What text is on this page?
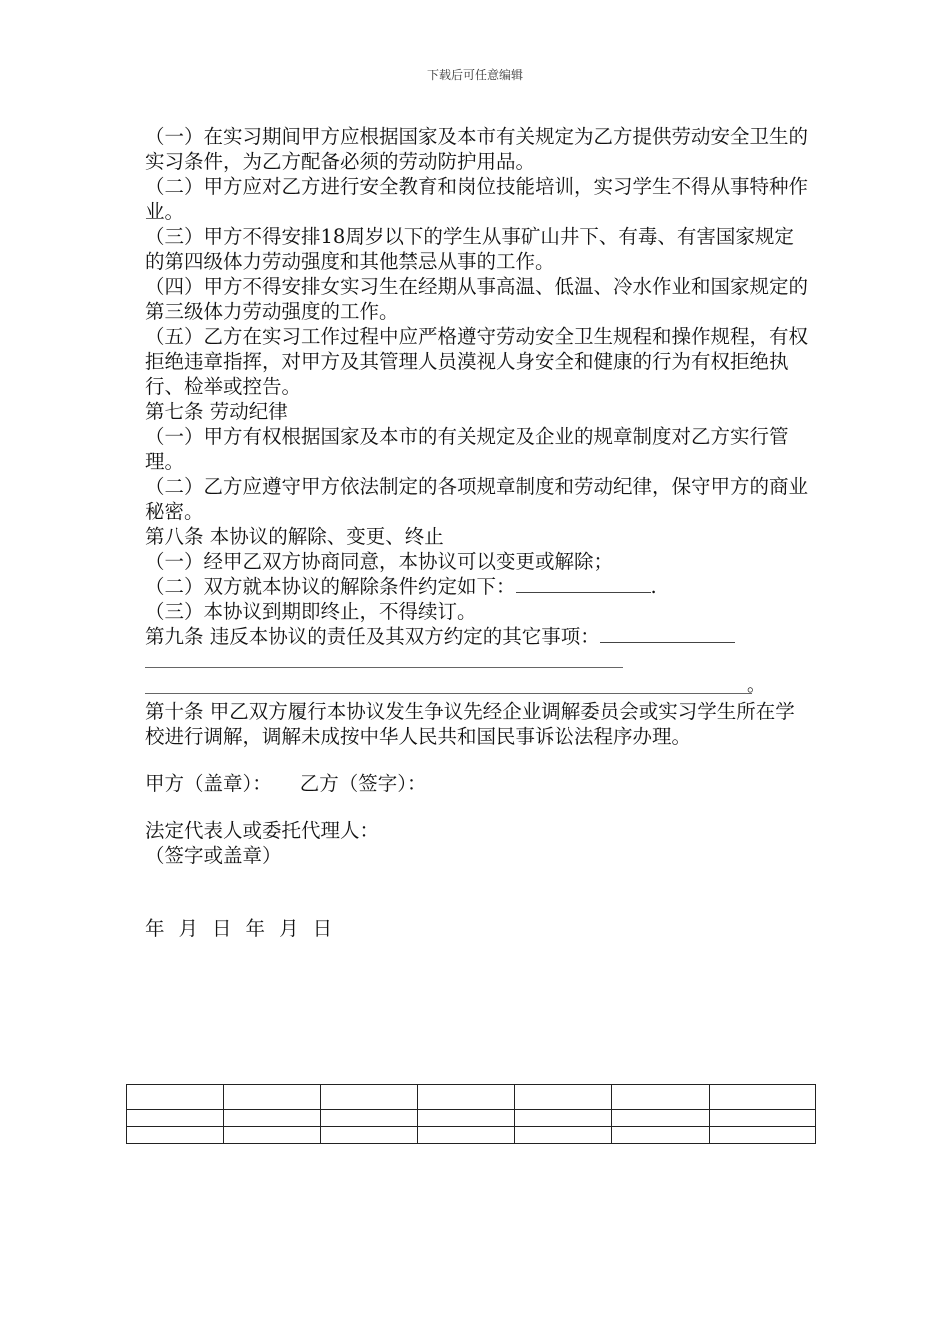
下载后可任意编辑

（一）在实习期间甲方应根据国家及本市有关规定为乙方提供劳动安全卫生的实习条件，为乙方配备必须的劳动防护用品。

（二）甲方应对乙方进行安全教育和岗位技能培训，实习学生不得从事特种作业。

（三）甲方不得安排18周岁以下的学生从事矿山井下、有毒、有害国家规定的第四级体力劳动强度和其他禁忌从事的工作。

（四）甲方不得安排女实习生在经期从事高温、低温、冷水作业和国家规定的第三级体力劳动强度的工作。

（五）乙方在实习工作过程中应严格遵守劳动安全卫生规程和操作规程，有权拒绝违章指挥，对甲方及其管理人员漠视人身安全和健康的行为有权拒绝执行、检举或控告。

第七条 劳动纪律

（一）甲方有权根据国家及本市的有关规定及企业的规章制度对乙方实行管理。

（二）乙方应遵守甲方依法制定的各项规章制度和劳动纪律，保守甲方的商业秘密。

第八条 本协议的解除、变更、终止

（一）经甲乙双方协商同意，本协议可以变更或解除；

（二）双方就本协议的解除条件约定如下：	.

（三）本协议到期即终止，不得续订。

第九条 违反本协议的责任及其双方约定的其它事项：

。

第十条 甲乙双方履行本协议发生争议先经企业调解委员会或实习学生所在学校进行调解，调解未成按中华人民共和国民事诉讼法程序办理。

甲方（盖章）： 乙方（签字）：

法定代表人或委托代理人：

（签字或盖章）

年 月 日 年 月 日
